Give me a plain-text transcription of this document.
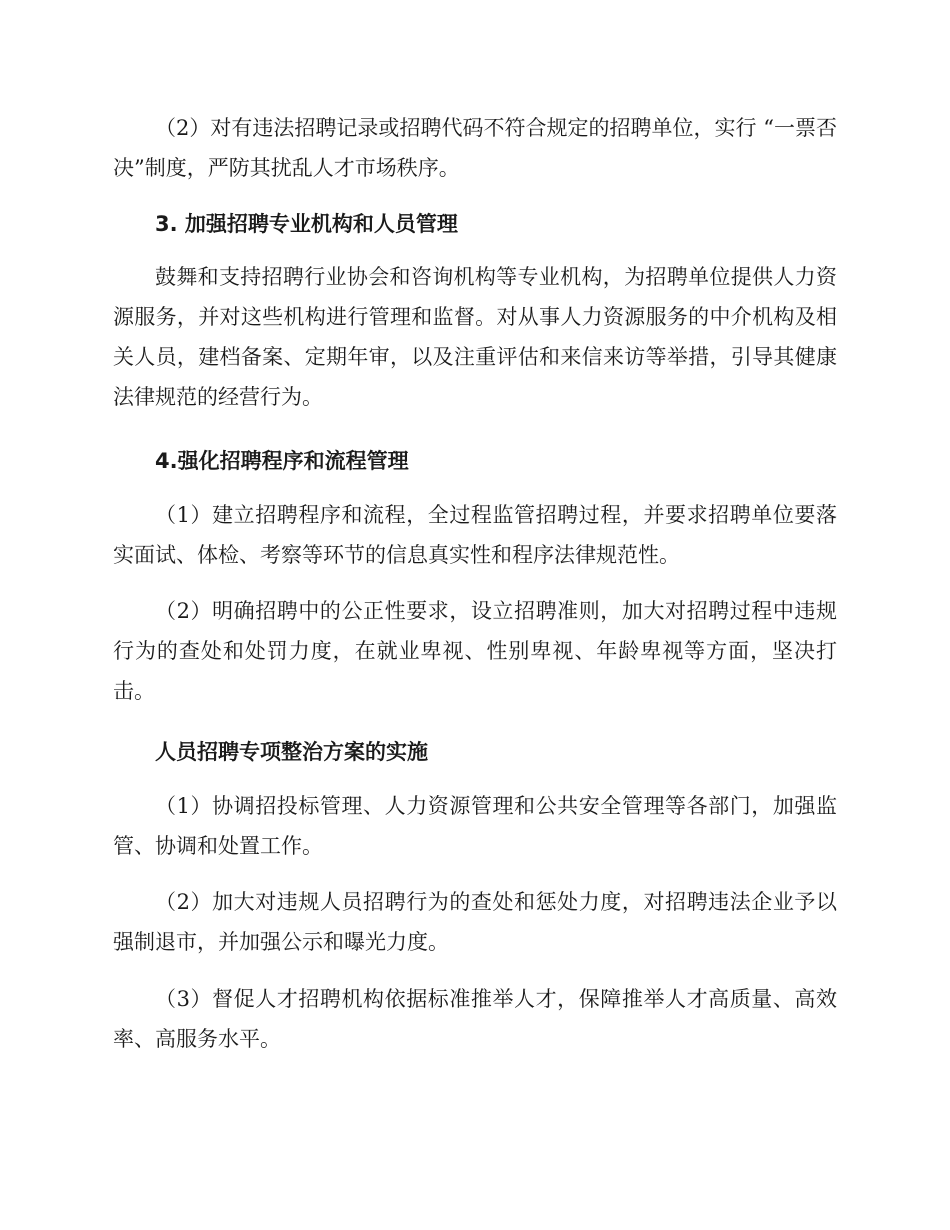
（2）对有违法招聘记录或招聘代码不符合规定的招聘单位，实行 “一票否决”制度，严防其扰乱人才市场秩序。

3. 加强招聘专业机构和人员管理

鼓舞和支持招聘行业协会和咨询机构等专业机构，为招聘单位提供人力资源服务，并对这些机构进行管理和监督。对从事人力资源服务的中介机构及相关人员，建档备案、定期年审，以及注重评估和来信来访等举措，引导其健康法律规范的经营行为。

4.强化招聘程序和流程管理

（1）建立招聘程序和流程，全过程监管招聘过程，并要求招聘单位要落实面试、体检、考察等环节的信息真实性和程序法律规范性。

（2）明确招聘中的公正性要求，设立招聘准则，加大对招聘过程中违规行为的查处和处罚力度，在就业卑视、性别卑视、年龄卑视等方面，坚决打击。

人员招聘专项整治方案的实施

（1）协调招投标管理、人力资源管理和公共安全管理等各部门，加强监管、协调和处置工作。

（2）加大对违规人员招聘行为的查处和惩处力度，对招聘违法企业予以强制退市，并加强公示和曝光力度。

（3）督促人才招聘机构依据标准推举人才，保障推举人才高质量、高效率、高服务水平。
